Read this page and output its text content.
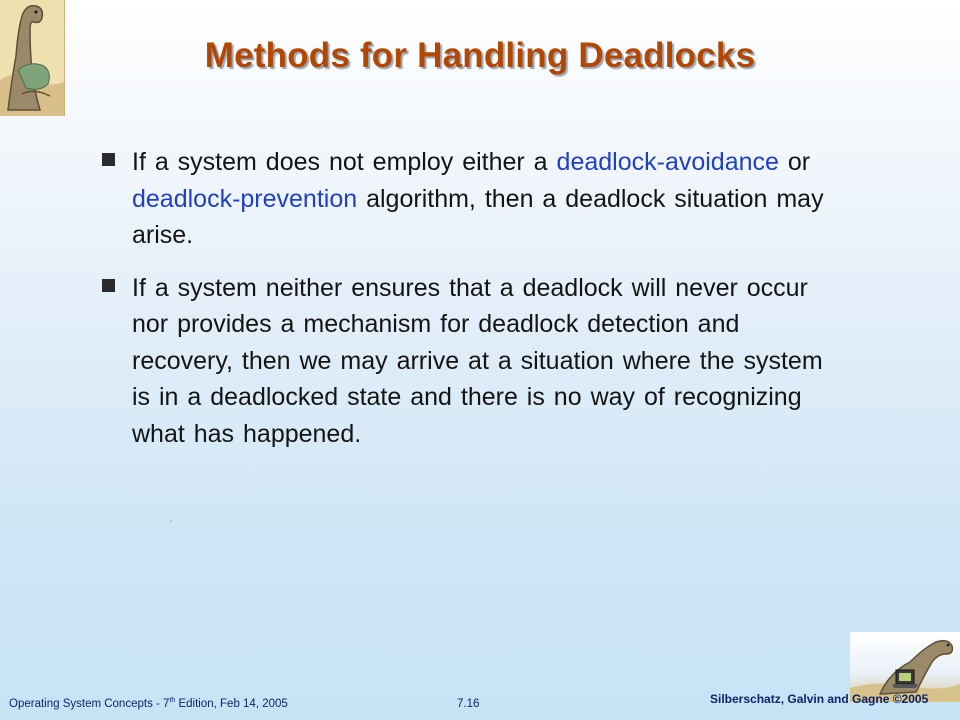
Methods for Handling Deadlocks
If a system does not employ either a deadlock-avoidance or deadlock-prevention algorithm, then a deadlock situation may arise.
If a system neither ensures that a deadlock will never occur nor provides a mechanism for deadlock detection and recovery, then we may arrive at a situation where the system is in a deadlocked state and there is no way of recognizing what has happened.
Operating System Concepts - 7th Edition, Feb 14, 2005	7.16	Silberschatz, Galvin and Gagne ©2005
